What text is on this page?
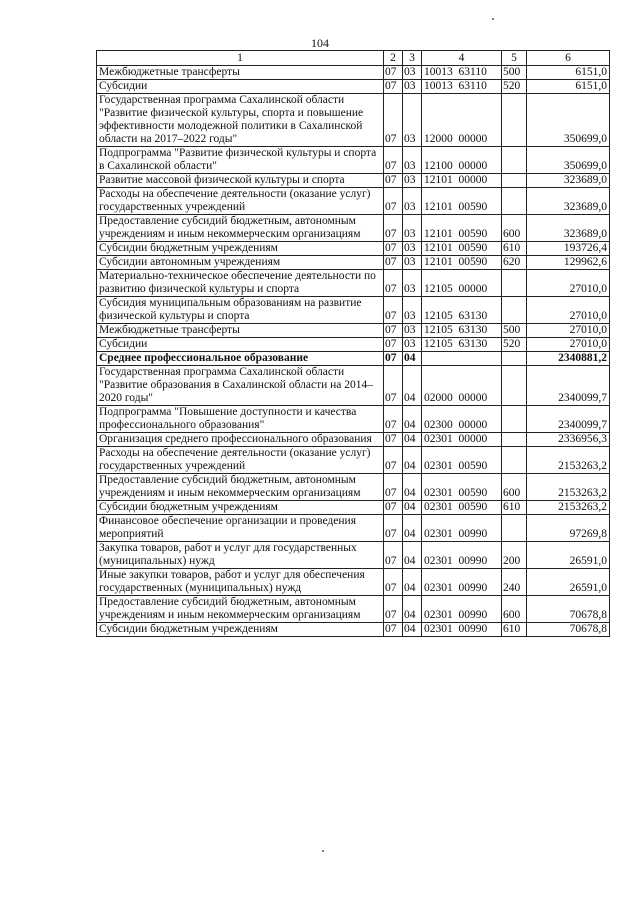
104
1	2	3	4	5	6
Межбюджетные трансферты	07	03	10013  63110	500	6151,0
Субсидии	07	03	10013  63110	520	6151,0
Государственная программа Сахалинской области "Развитие физической культуры, спорта и повышение эффективности молодежной политики в Сахалинской области на 2017–2022 годы"	07	03	12000  00000		350699,0
Подпрограмма "Развитие физической культуры и спорта в Сахалинской области"	07	03	12100  00000		350699,0
Развитие массовой физической культуры и спорта	07	03	12101  00000		323689,0
Расходы на обеспечение деятельности (оказание услуг) государственных учреждений	07	03	12101  00590		323689,0
Предоставление субсидий бюджетным, автономным учреждениям и иным некоммерческим организациям	07	03	12101  00590	600	323689,0
Субсидии бюджетным учреждениям	07	03	12101  00590	610	193726,4
Субсидии автономным учреждениям	07	03	12101  00590	620	129962,6
Материально-техническое обеспечение деятельности по развитию физической культуры и спорта	07	03	12105  00000		27010,0
Субсидия муниципальным образованиям на развитие физической культуры и спорта	07	03	12105  63130		27010,0
Межбюджетные трансферты	07	03	12105  63130	500	27010,0
Субсидии	07	03	12105  63130	520	27010,0
Среднее профессиональное образование	07	04			2340881,2
Государственная программа Сахалинской области "Развитие образования в Сахалинской области на 2014–2020 годы"	07	04	02000  00000		2340099,7
Подпрограмма "Повышение доступности и качества профессионального образования"	07	04	02300  00000		2340099,7
Организация среднего профессионального образования	07	04	02301  00000		2336956,3
Расходы на обеспечение деятельности (оказание услуг) государственных учреждений	07	04	02301  00590		2153263,2
Предоставление субсидий бюджетным, автономным учреждениям и иным некоммерческим организациям	07	04	02301  00590	600	2153263,2
Субсидии бюджетным учреждениям	07	04	02301  00590	610	2153263,2
Финансовое обеспечение организации и проведения мероприятий	07	04	02301  00990		97269,8
Закупка товаров, работ и услуг для государственных (муниципальных) нужд	07	04	02301  00990	200	26591,0
Иные закупки товаров, работ и услуг для обеспечения государственных (муниципальных) нужд	07	04	02301  00990	240	26591,0
Предоставление субсидий бюджетным, автономным учреждениям и иным некоммерческим организациям	07	04	02301  00990	600	70678,8
Субсидии бюджетным учреждениям	07	04	02301  00990	610	70678,8
